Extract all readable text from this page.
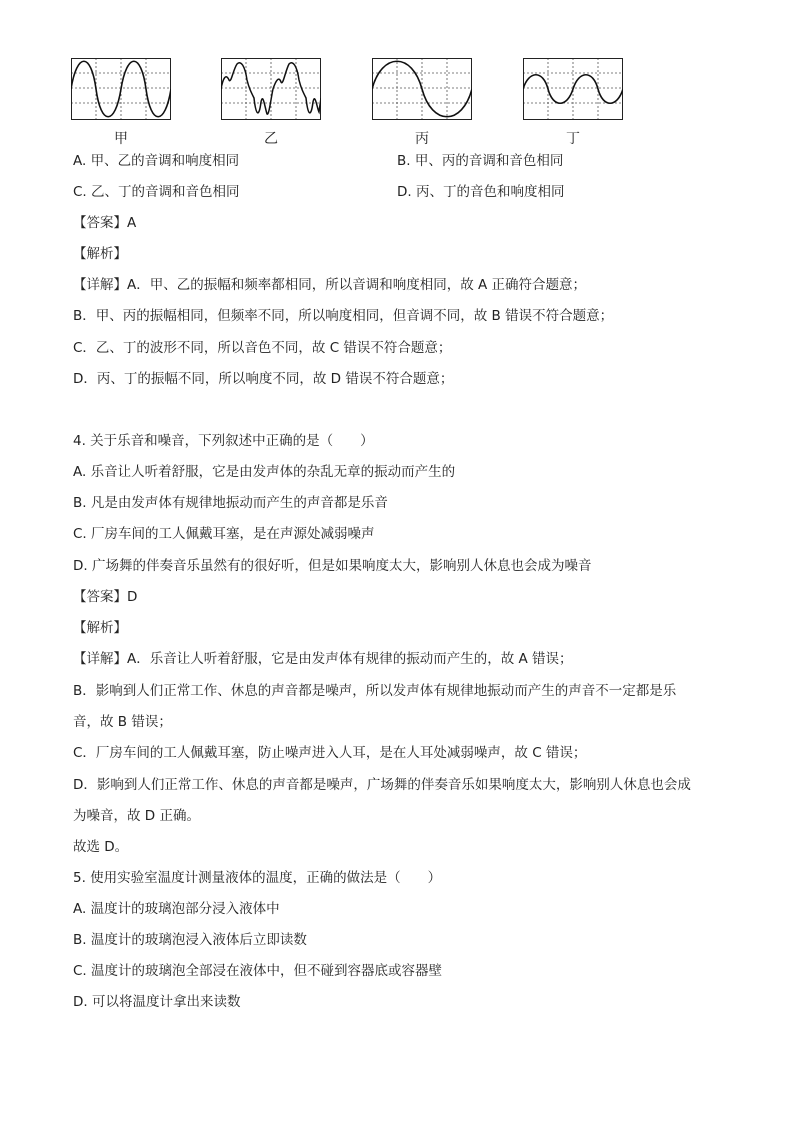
甲	乙	丙	丁
A. 甲、乙的音调和响度相同	B. 甲、丙的音调和音色相同
C. 乙、丁的音调和音色相同	D. 丙、丁的音色和响度相同
【答案】A
【解析】
【详解】A．甲、乙的振幅和频率都相同，所以音调和响度相同，故 A 正确符合题意；
B．甲、丙的振幅相同，但频率不同，所以响度相同，但音调不同，故 B 错误不符合题意；
C．乙、丁的波形不同，所以音色不同，故 C 错误不符合题意；
D．丙、丁的振幅不同，所以响度不同，故 D 错误不符合题意；
4. 关于乐音和噪音，下列叙述中正确的是（　　）
A. 乐音让人听着舒服，它是由发声体的杂乱无章的振动而产生的
B. 凡是由发声体有规律地振动而产生的声音都是乐音
C. 厂房车间的工人佩戴耳塞，是在声源处减弱噪声
D. 广场舞的伴奏音乐虽然有的很好听，但是如果响度太大，影响别人休息也会成为噪音
【答案】D
【解析】
【详解】A．乐音让人听着舒服，它是由发声体有规律的振动而产生的，故 A 错误；
B．影响到人们正常工作、休息的声音都是噪声，所以发声体有规律地振动而产生的声音不一定都是乐
音，故 B 错误；
C．厂房车间的工人佩戴耳塞，防止噪声进入人耳，是在人耳处减弱噪声，故 C 错误；
D．影响到人们正常工作、休息的声音都是噪声，广场舞的伴奏音乐如果响度太大，影响别人休息也会成
为噪音，故 D 正确。
故选 D。
5. 使用实验室温度计测量液体的温度，正确的做法是（　　）
A. 温度计的玻璃泡部分浸入液体中
B. 温度计的玻璃泡浸入液体后立即读数
C. 温度计的玻璃泡全部浸在液体中，但不碰到容器底或容器壁
D. 可以将温度计拿出来读数
